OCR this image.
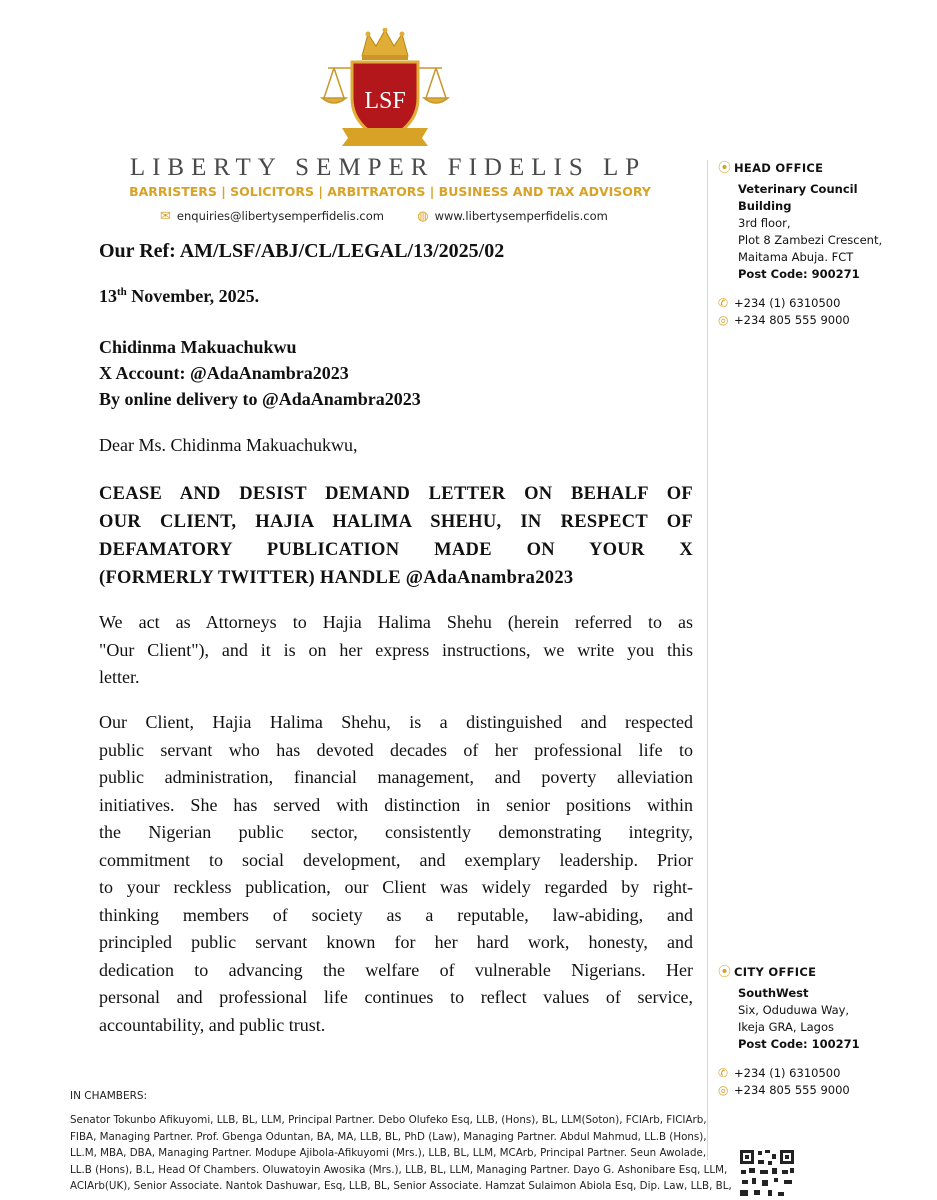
LSF
LIBERTY SEMPER FIDELIS LP
BARRISTERS | SOLICITORS | ARBITRATORS | BUSINESS AND TAX ADVISORY
✉ enquiries@libertysemperfidelis.com	◍ www.libertysemperfidelis.com
⦿ HEAD OFFICE
Veterinary Council
Building
3rd floor,
Plot 8 Zambezi Crescent,
Maitama Abuja. FCT
Post Code: 900271
✆ +234 (1) 6310500
◎ +234 805 555 9000
⦿ CITY OFFICE
SouthWest
Six, Oduduwa Way,
Ikeja GRA, Lagos
Post Code: 100271
✆ +234 (1) 6310500
◎ +234 805 555 9000
Our Ref: AM/LSF/ABJ/CL/LEGAL/13/2025/02
13th November, 2025.
Chidinma Makuachukwu
X Account: @AdaAnambra2023
By online delivery to @AdaAnambra2023
Dear Ms. Chidinma Makuachukwu,
CEASE AND DESIST DEMAND LETTER ON BEHALF OF
OUR CLIENT, HAJIA HALIMA SHEHU, IN RESPECT OF
DEFAMATORY PUBLICATION MADE ON YOUR X
(FORMERLY TWITTER) HANDLE @AdaAnambra2023
We act as Attorneys to Hajia Halima Shehu (herein referred to as
"Our Client"), and it is on her express instructions, we write you this
letter.
Our Client, Hajia Halima Shehu, is a distinguished and respected
public servant who has devoted decades of her professional life to
public administration, financial management, and poverty alleviation
initiatives. She has served with distinction in senior positions within
the Nigerian public sector, consistently demonstrating integrity,
commitment to social development, and exemplary leadership. Prior
to your reckless publication, our Client was widely regarded by right-
thinking members of society as a reputable, law-abiding, and
principled public servant known for her hard work, honesty, and
dedication to advancing the welfare of vulnerable Nigerians. Her
personal and professional life continues to reflect values of service,
accountability, and public trust.
IN CHAMBERS:
Senator Tokunbo Afikuyomi, LLB, BL, LLM, Principal Partner. Debo Olufeko Esq, LLB, (Hons), BL, LLM(Soton), FCIArb, FICIArb,
FIBA, Managing Partner. Prof. Gbenga Oduntan, BA, MA, LLB, BL, PhD (Law), Managing Partner. Abdul Mahmud, LL.B (Hons),
LL.M, MBA, DBA, Managing Partner. Modupe Ajibola-Afikuyomi (Mrs.), LLB, BL, LLM, MCArb, Principal Partner. Seun Awolade,
LL.B (Hons), B.L, Head Of Chambers. Oluwatoyin Awosika (Mrs.), LLB, BL, LLM, Managing Partner. Dayo G. Ashonibare Esq, LLM,
ACIArb(UK), Senior Associate. Nantok Dashuwar, Esq, LLB, BL, Senior Associate. Hamzat Sulaimon Abiola Esq, Dip. Law, LLB, BL,
